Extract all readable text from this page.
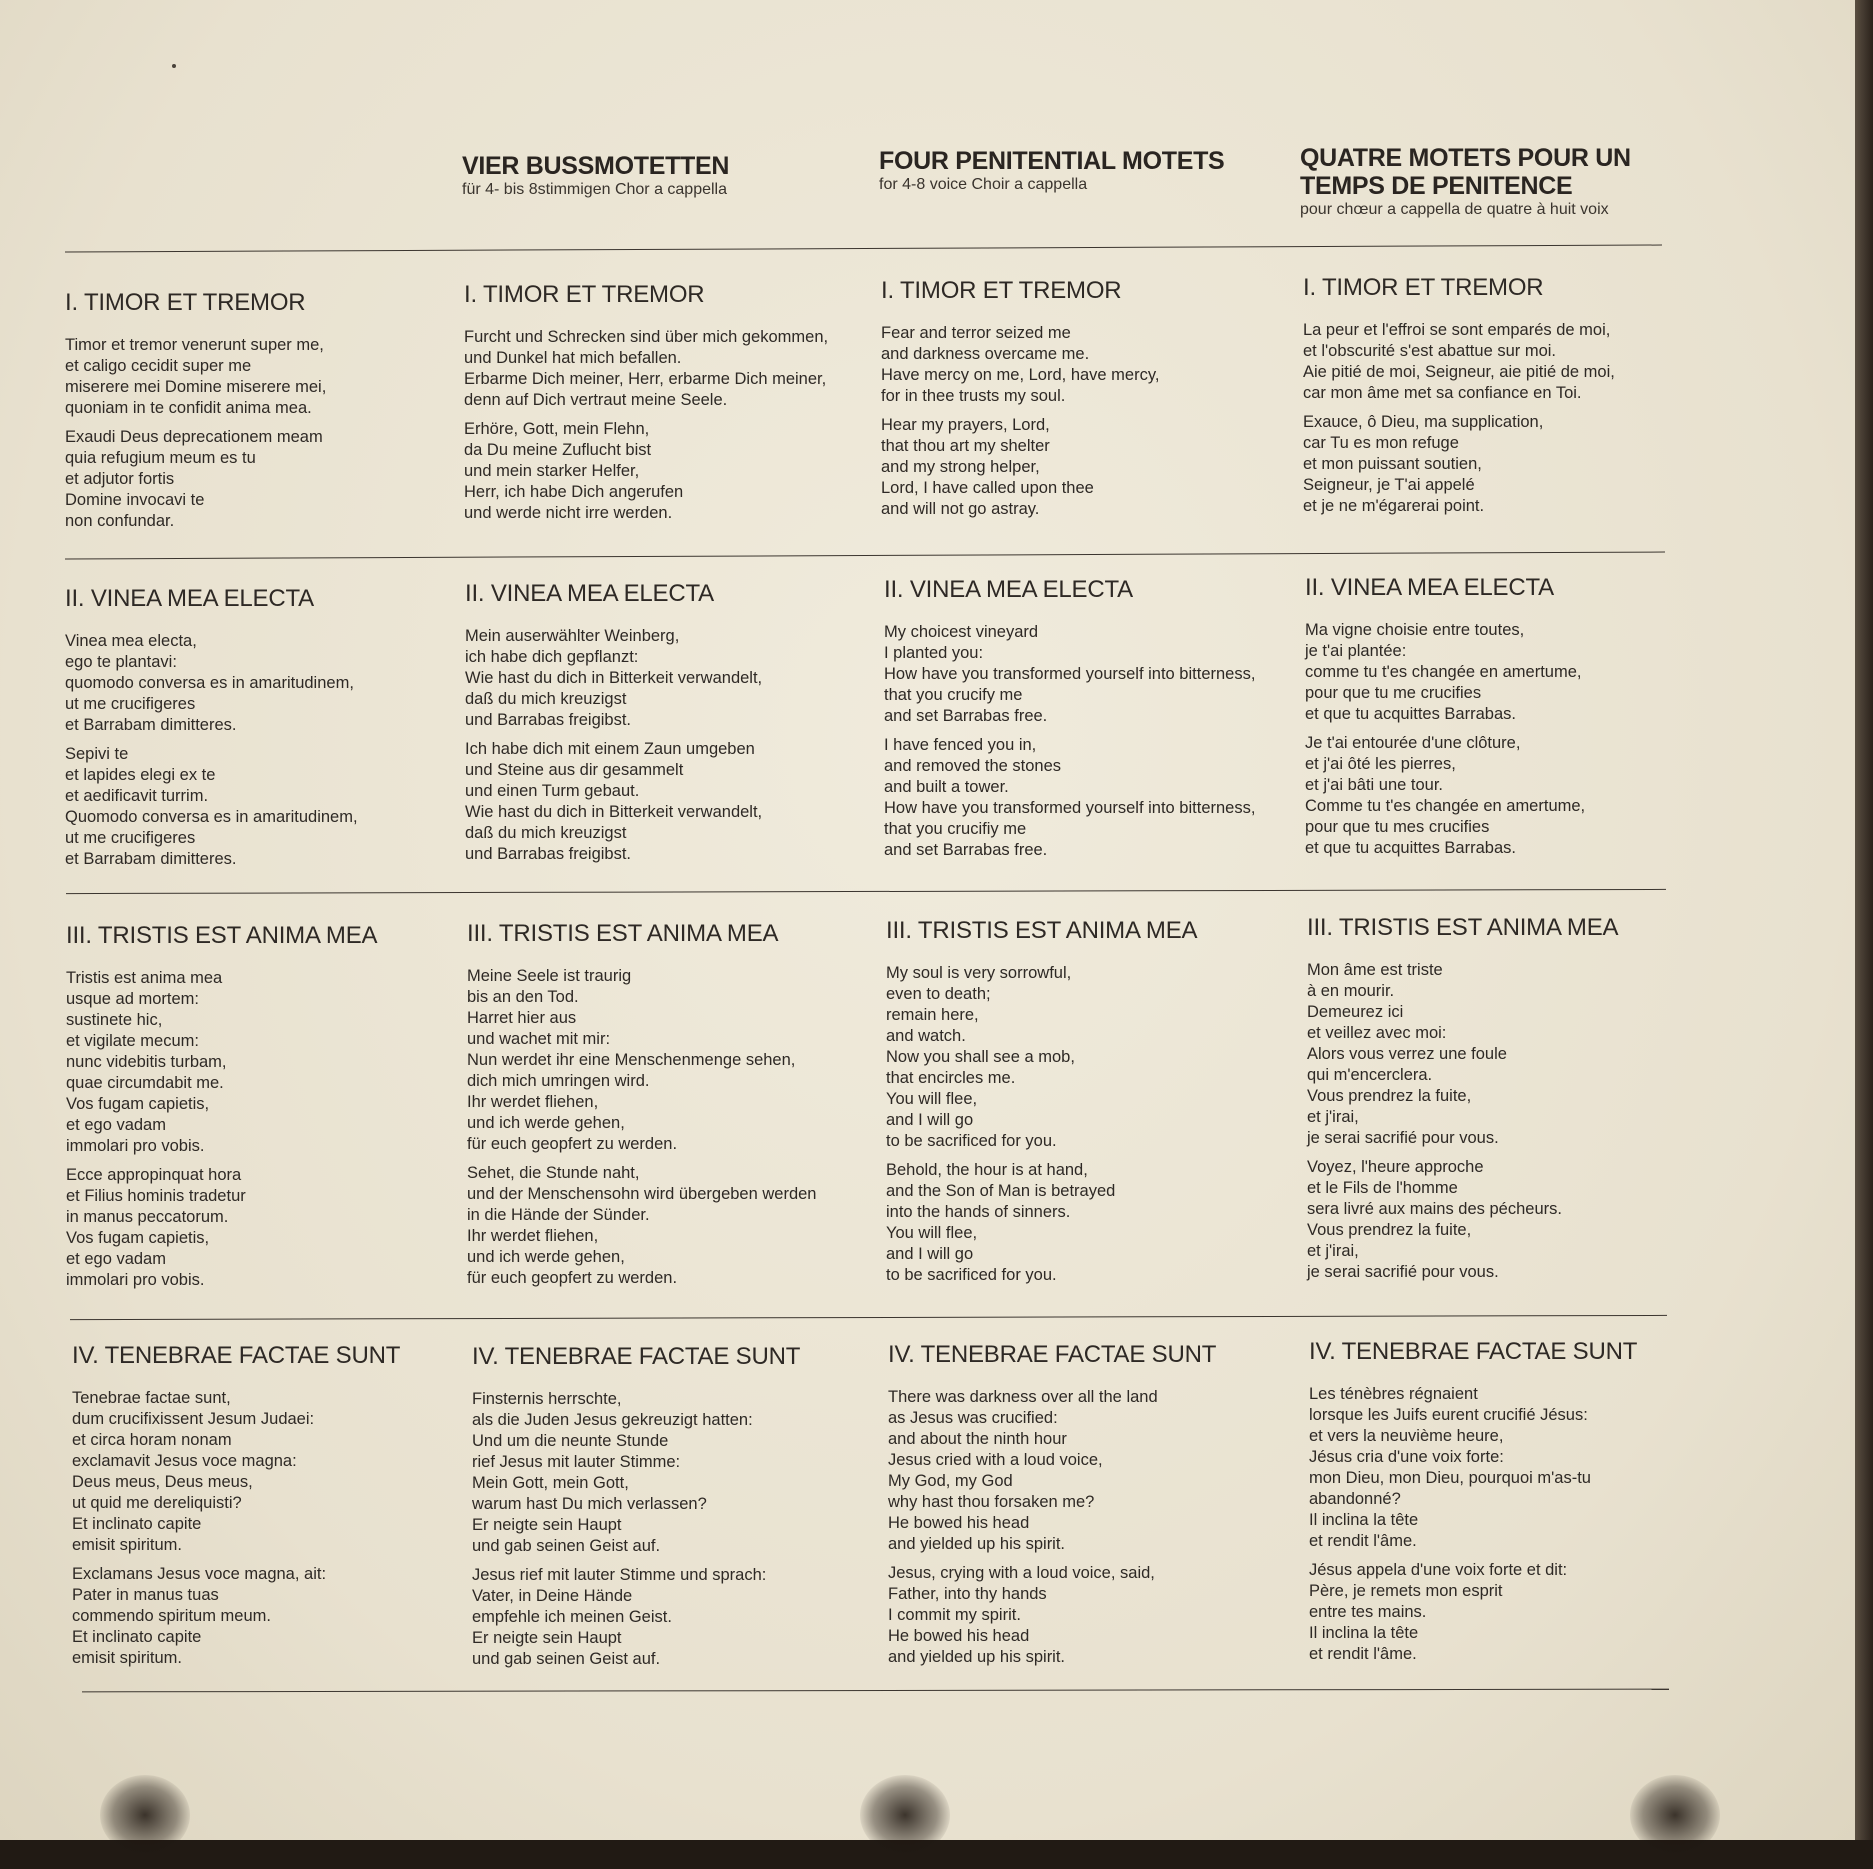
VIER BUSSMOTETTEN
für 4- bis 8stimmigen Chor a cappella
FOUR PENITENTIAL MOTETS
for 4-8 voice Choir a cappella
QUATRE MOTETS POUR UN
TEMPS DE PENITENCE
pour chœur a cappella de quatre à huit voix
I. TIMOR ET TREMOR
Timor et tremor venerunt super me,
et caligo cecidit super me
miserere mei Domine miserere mei,
quoniam in te confidit anima mea.
Exaudi Deus deprecationem meam
quia refugium meum es tu
et adjutor fortis
Domine invocavi te
non confundar.
I. TIMOR ET TREMOR
Furcht und Schrecken sind über mich gekommen,
und Dunkel hat mich befallen.
Erbarme Dich meiner, Herr, erbarme Dich meiner,
denn auf Dich vertraut meine Seele.
Erhöre, Gott, mein Flehn,
da Du meine Zuflucht bist
und mein starker Helfer,
Herr, ich habe Dich angerufen
und werde nicht irre werden.
I. TIMOR ET TREMOR
Fear and terror seized me
and darkness overcame me.
Have mercy on me, Lord, have mercy,
for in thee trusts my soul.
Hear my prayers, Lord,
that thou art my shelter
and my strong helper,
Lord, I have called upon thee
and will not go astray.
I. TIMOR ET TREMOR
La peur et l'effroi se sont emparés de moi,
et l'obscurité s'est abattue sur moi.
Aie pitié de moi, Seigneur, aie pitié de moi,
car mon âme met sa confiance en Toi.
Exauce, ô Dieu, ma supplication,
car Tu es mon refuge
et mon puissant soutien,
Seigneur, je T'ai appelé
et je ne m'égarerai point.
II. VINEA MEA ELECTA
Vinea mea electa,
ego te plantavi:
quomodo conversa es in amaritudinem,
ut me crucifigeres
et Barrabam dimitteres.
Sepivi te
et lapides elegi ex te
et aedificavit turrim.
Quomodo conversa es in amaritudinem,
ut me crucifigeres
et Barrabam dimitteres.
II. VINEA MEA ELECTA
Mein auserwählter Weinberg,
ich habe dich gepflanzt:
Wie hast du dich in Bitterkeit verwandelt,
daß du mich kreuzigst
und Barrabas freigibst.
Ich habe dich mit einem Zaun umgeben
und Steine aus dir gesammelt
und einen Turm gebaut.
Wie hast du dich in Bitterkeit verwandelt,
daß du mich kreuzigst
und Barrabas freigibst.
II. VINEA MEA ELECTA
My choicest vineyard
I planted you:
How have you transformed yourself into bitterness,
that you crucify me
and set Barrabas free.
I have fenced you in,
and removed the stones
and built a tower.
How have you transformed yourself into bitterness,
that you crucifiy me
and set Barrabas free.
II. VINEA MEA ELECTA
Ma vigne choisie entre toutes,
je t'ai plantée:
comme tu t'es changée en amertume,
pour que tu me crucifies
et que tu acquittes Barrabas.
Je t'ai entourée d'une clôture,
et j'ai ôté les pierres,
et j'ai bâti une tour.
Comme tu t'es changée en amertume,
pour que tu mes crucifies
et que tu acquittes Barrabas.
III. TRISTIS EST ANIMA MEA
Tristis est anima mea
usque ad mortem:
sustinete hic,
et vigilate mecum:
nunc videbitis turbam,
quae circumdabit me.
Vos fugam capietis,
et ego vadam
immolari pro vobis.
Ecce appropinquat hora
et Filius hominis tradetur
in manus peccatorum.
Vos fugam capietis,
et ego vadam
immolari pro vobis.
III. TRISTIS EST ANIMA MEA
Meine Seele ist traurig
bis an den Tod.
Harret hier aus
und wachet mit mir:
Nun werdet ihr eine Menschenmenge sehen,
dich mich umringen wird.
Ihr werdet fliehen,
und ich werde gehen,
für euch geopfert zu werden.
Sehet, die Stunde naht,
und der Menschensohn wird übergeben werden
in die Hände der Sünder.
Ihr werdet fliehen,
und ich werde gehen,
für euch geopfert zu werden.
III. TRISTIS EST ANIMA MEA
My soul is very sorrowful,
even to death;
remain here,
and watch.
Now you shall see a mob,
that encircles me.
You will flee,
and I will go
to be sacrificed for you.
Behold, the hour is at hand,
and the Son of Man is betrayed
into the hands of sinners.
You will flee,
and I will go
to be sacrificed for you.
III. TRISTIS EST ANIMA MEA
Mon âme est triste
à en mourir.
Demeurez ici
et veillez avec moi:
Alors vous verrez une foule
qui m'encerclera.
Vous prendrez la fuite,
et j'irai,
je serai sacrifié pour vous.
Voyez, l'heure approche
et le Fils de l'homme
sera livré aux mains des pécheurs.
Vous prendrez la fuite,
et j'irai,
je serai sacrifié pour vous.
IV. TENEBRAE FACTAE SUNT
Tenebrae factae sunt,
dum crucifixissent Jesum Judaei:
et circa horam nonam
exclamavit Jesus voce magna:
Deus meus, Deus meus,
ut quid me dereliquisti?
Et inclinato capite
emisit spiritum.
Exclamans Jesus voce magna, ait:
Pater in manus tuas
commendo spiritum meum.
Et inclinato capite
emisit spiritum.
IV. TENEBRAE FACTAE SUNT
Finsternis herrschte,
als die Juden Jesus gekreuzigt hatten:
Und um die neunte Stunde
rief Jesus mit lauter Stimme:
Mein Gott, mein Gott,
warum hast Du mich verlassen?
Er neigte sein Haupt
und gab seinen Geist auf.
Jesus rief mit lauter Stimme und sprach:
Vater, in Deine Hände
empfehle ich meinen Geist.
Er neigte sein Haupt
und gab seinen Geist auf.
IV. TENEBRAE FACTAE SUNT
There was darkness over all the land
as Jesus was crucified:
and about the ninth hour
Jesus cried with a loud voice,
My God, my God
why hast thou forsaken me?
He bowed his head
and yielded up his spirit.
Jesus, crying with a loud voice, said,
Father, into thy hands
I commit my spirit.
He bowed his head
and yielded up his spirit.
IV. TENEBRAE FACTAE SUNT
Les ténèbres régnaient
lorsque les Juifs eurent crucifié Jésus:
et vers la neuvième heure,
Jésus cria d'une voix forte:
mon Dieu, mon Dieu, pourquoi m'as-tu
abandonné?
Il inclina la tête
et rendit l'âme.
Jésus appela d'une voix forte et dit:
Père, je remets mon esprit
entre tes mains.
Il inclina la tête
et rendit l'âme.
